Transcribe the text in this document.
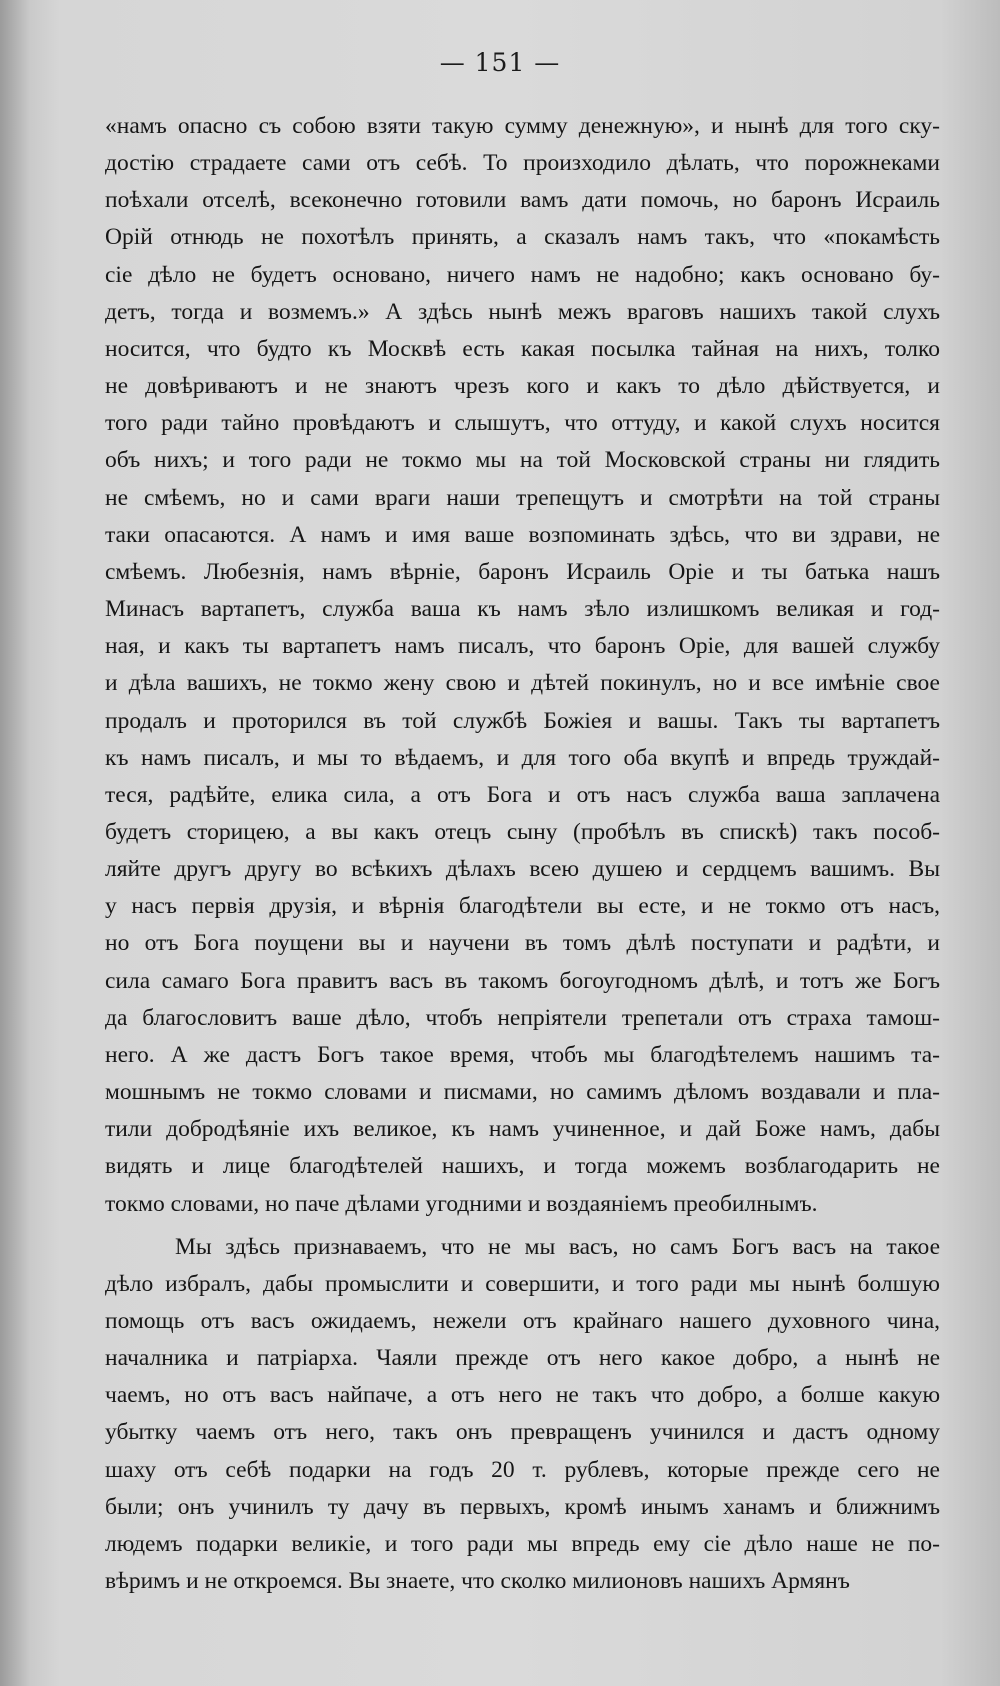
— 151 —

«намъ опасно съ собою взяти такую сумму денежную», и нынѣ для того ску-
достію страдаете сами отъ себѣ. То произходило дѣлать, что порожнеками
поѣхали отселѣ, всеконечно готовили вамъ дати помочь, но баронъ Исраиль
Орій отнюдь не похотѣлъ принять, а сказалъ намъ такъ, что «покамѣсть
сіе дѣло не будетъ основано, ничего намъ не надобно; какъ основано бу-
детъ, тогда и возмемъ.» А здѣсь нынѣ межъ враговъ нашихъ такой слухъ
носится, что будто къ Москвѣ есть какая посылка тайная на нихъ, толко
не довѣриваютъ и не знаютъ чрезъ кого и какъ то дѣло дѣйствуется, и
того ради тайно провѣдаютъ и слышутъ, что оттуду, и какой слухъ носится
объ нихъ; и того ради не токмо мы на той Московской страны ни глядить
не смѣемъ, но и сами враги наши трепещутъ и смотрѣти на той страны
таки опасаются. А намъ и имя ваше возпоминать здѣсь, что ви здрави, не
смѣемъ. Любезнія, намъ вѣрніе, баронъ Исраиль Оріе и ты батька нашъ
Минасъ вартапетъ, служба ваша къ намъ зѣло излишкомъ великая и год-
ная, и какъ ты вартапетъ намъ писалъ, что баронъ Оріе, для вашей службу
и дѣла вашихъ, не токмо жену свою и дѣтей покинулъ, но и все имѣніе свое
продалъ и проторился въ той службѣ Божіея и вашы. Такъ ты вартапетъ
къ намъ писалъ, и мы то вѣдаемъ, и для того оба вкупѣ и впредь труждай-
теся, радѣйте, елика сила, а отъ Бога и отъ насъ служба ваша заплачена
будетъ сторицею, а вы какъ отецъ сыну (пробѣлъ въ спискѣ) такъ пособ-
ляйте другъ другу во всѣкихъ дѣлахъ всею душею и сердцемъ вашимъ. Вы
у насъ первія друзія, и вѣрнія благодѣтели вы есте, и не токмо отъ насъ,
но отъ Бога поущени вы и научени въ томъ дѣлѣ поступати и радѣти, и
сила самаго Бога правитъ васъ въ такомъ богоугодномъ дѣлѣ, и тотъ же Богъ
да благословитъ ваше дѣло, чтобъ непріятели трепетали отъ страха тамош-
него. А же дастъ Богъ такое время, чтобъ мы благодѣтелемъ нашимъ та-
мошнымъ не токмо словами и писмами, но самимъ дѣломъ воздавали и пла-
тили добродѣяніе ихъ великое, къ намъ учиненное, и дай Боже намъ, дабы
видять и лице благодѣтелей нашихъ, и тогда можемъ возблагодарить не
токмо словами, но паче дѣлами угодними и воздаяніемъ преобилнымъ.

Мы здѣсь признаваемъ, что не мы васъ, но самъ Богъ васъ на такое
дѣло избралъ, дабы промыслити и совершити, и того ради мы нынѣ болшую
помощь отъ васъ ожидаемъ, нежели отъ крайнаго нашего духовного чина,
началника и патріарха. Чаяли прежде отъ него какое добро, а нынѣ не
чаемъ, но отъ васъ найпаче, а отъ него не такъ что добро, а болше какую
убытку чаемъ отъ него, такъ онъ превращенъ учинился и дастъ одному
шаху отъ себѣ подарки на годъ 20 т. рублевъ, которые прежде сего не
были; онъ учинилъ ту дачу въ первыхъ, кромѣ инымъ ханамъ и ближнимъ
людемъ подарки великіе, и того ради мы впредь ему сіе дѣло наше не по-
вѣримъ и не откроемся. Вы знаете, что сколко милионовъ нашихъ Армянъ
